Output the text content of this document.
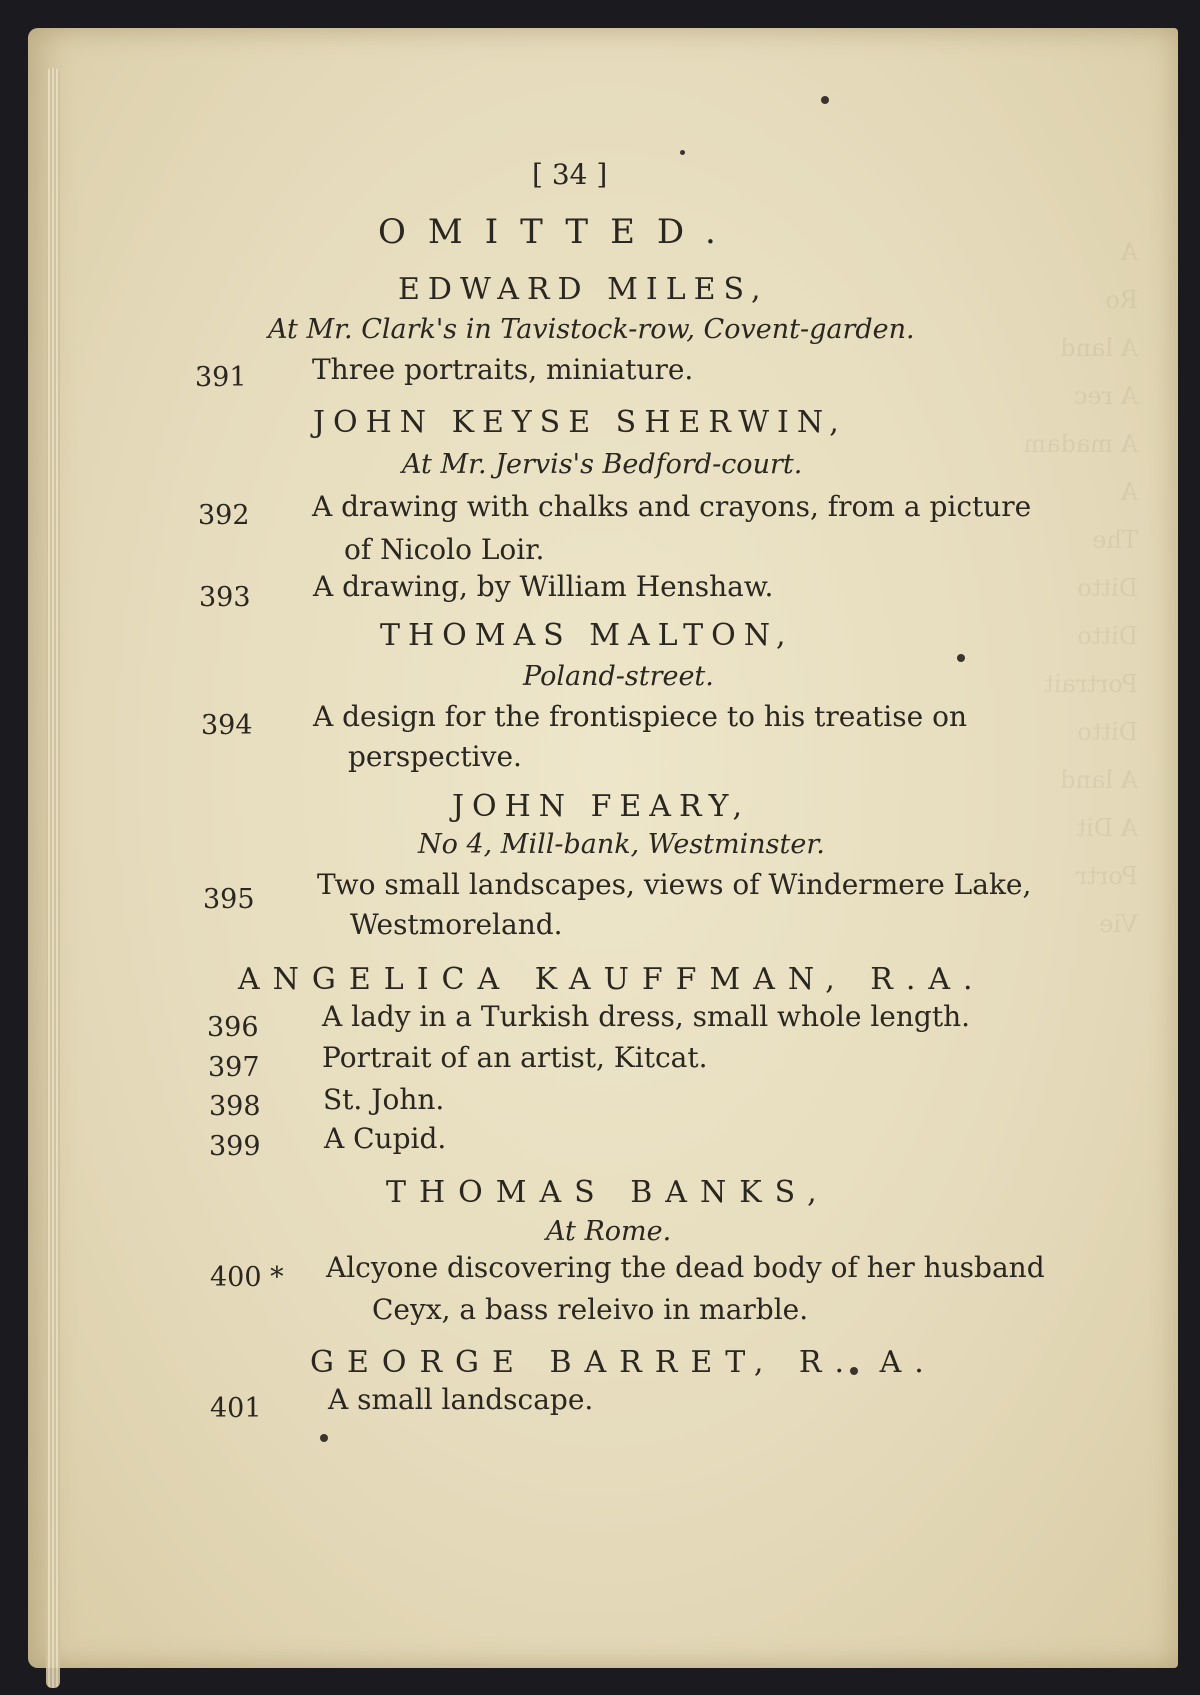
A
Ro
A land
A rec
A madam
A
The
Ditto
Ditto
Portrait
Ditto
A land
A Dit
Portr
Vie
[ 34 ]
OMITTED.
EDWARD MILES,
At Mr. Clark's in Tavistock-row, Covent-garden.
391 Three portraits, miniature.
JOHN KEYSE SHERWIN,
At Mr. Jervis's Bedford-court.
392 A drawing with chalks and crayons, from a picture
of Nicolo Loir.
393 A drawing, by William Henshaw.
THOMAS MALTON,
Poland-street.
394 A design for the frontispiece to his treatise on
perspective.
JOHN FEARY,
No 4, Mill-bank, Westminster.
395 Two small landscapes, views of Windermere Lake,
Westmoreland.
ANGELICA KAUFFMAN, R.A.
396 A lady in a Turkish dress, small whole length.
397 Portrait of an artist, Kitcat.
398 St. John.
399 A Cupid.
THOMAS BANKS,
At Rome.
400 * Alcyone discovering the dead body of her husband
Ceyx, a bass releivo in marble.
GEORGE BARRET, R. A.
401 A small landscape.
